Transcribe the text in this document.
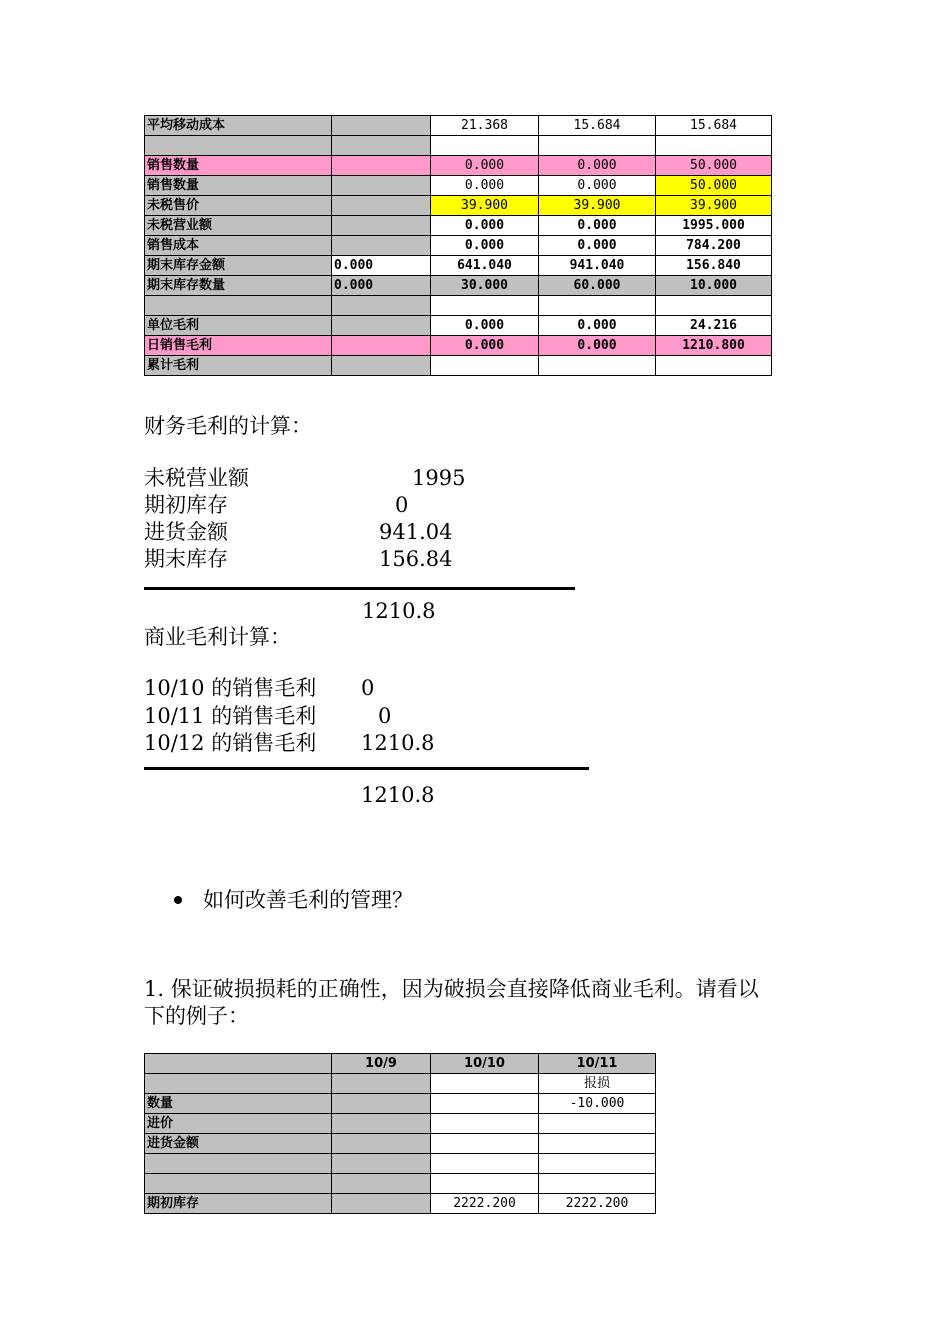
平均移动成本		21.368	15.684	15.684

销售数量		0.000	0.000	50.000
销售数量		0.000	0.000	50.000
未税售价		39.900	39.900	39.900
未税营业额		0.000	0.000	1995.000
销售成本		0.000	0.000	784.200
期末库存金额	0.000	641.040	941.040	156.840
期末库存数量	0.000	30.000	60.000	10.000

单位毛利		0.000	0.000	24.216
日销售毛利		0.000	0.000	1210.800
累计毛利				
财务毛利的计算：
未税营业额	1995
期初库存	0
进货金额	941.04
期末库存	156.84
1210.8
商业毛利计算：
10/10 的销售毛利 0
10/11 的销售毛利	0
10/12 的销售毛利 1210.8
1210.8
如何改善毛利的管理？
1. 保证破损损耗的正确性，因为破损会直接降低商业毛利。请看以
下的例子：
	10/9	10/10	10/11
			报损
数量			-10.000
进价			
进货金额			

期初库存		2222.200	2222.200
